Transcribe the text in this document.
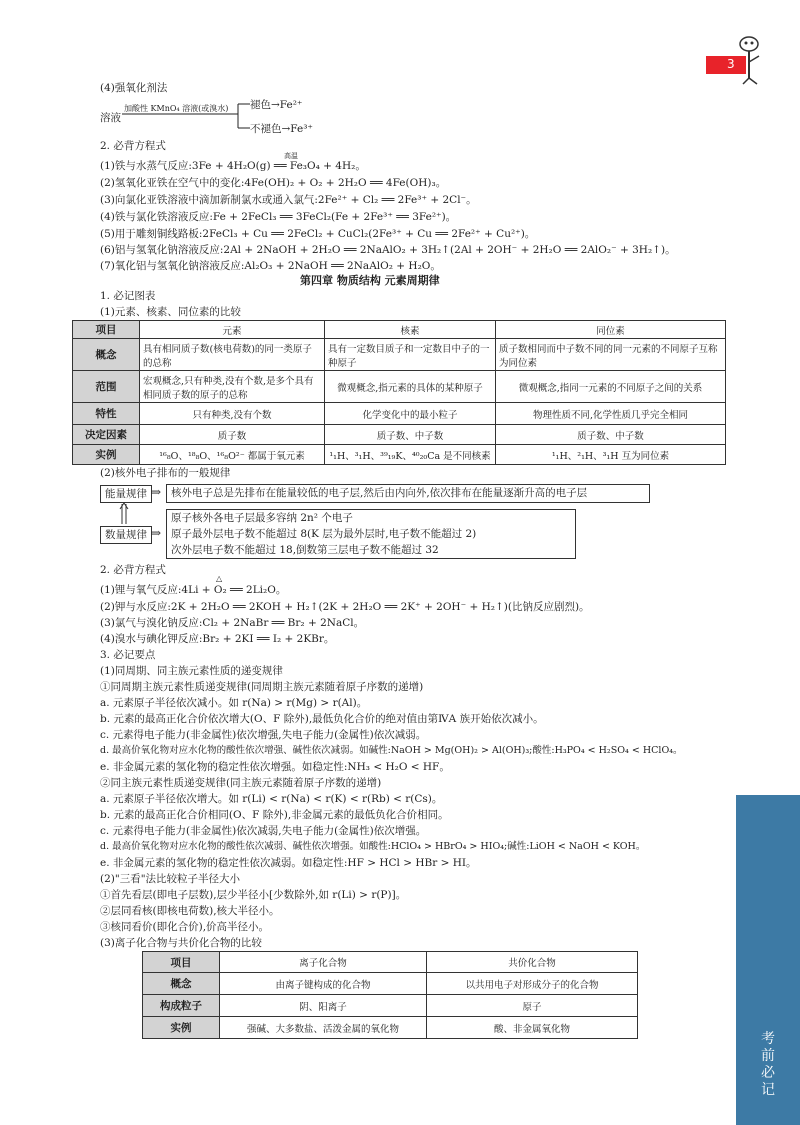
3
考前必记
(4)强氧化剂法
溶液
加酸性 KMnO₄ 溶液(或溴水) 褪色→Fe²⁺
不褪色→Fe³⁺
2. 必背方程式
高温
(1)铁与水蒸气反应:3Fe + 4H₂O(g) ══ Fe₃O₄ + 4H₂。
(2)氢氧化亚铁在空气中的变化:4Fe(OH)₂ + O₂ + 2H₂O ══ 4Fe(OH)₃。
(3)向氯化亚铁溶液中滴加新制氯水或通入氯气:2Fe²⁺ + Cl₂ ══ 2Fe³⁺ + 2Cl⁻。
(4)铁与氯化铁溶液反应:Fe + 2FeCl₃ ══ 3FeCl₂(Fe + 2Fe³⁺ ══ 3Fe²⁺)。
(5)用于雕刻铜线路板:2FeCl₃ + Cu ══ 2FeCl₂ + CuCl₂(2Fe³⁺ + Cu ══ 2Fe²⁺ + Cu²⁺)。
(6)铝与氢氧化钠溶液反应:2Al + 2NaOH + 2H₂O ══ 2NaAlO₂ + 3H₂↑(2Al + 2OH⁻ + 2H₂O ══ 2AlO₂⁻ + 3H₂↑)。
(7)氧化铝与氢氧化钠溶液反应:Al₂O₃ + 2NaOH ══ 2NaAlO₂ + H₂O。
第四章 物质结构 元素周期律
1. 必记图表
(1)元素、核素、同位素的比较
项目	元素	核素	同位素
概念	具有相同质子数(核电荷数)的同一类原子的总称	具有一定数目质子和一定数目中子的一种原子	质子数相同而中子数不同的同一元素的不同原子互称为同位素
范围	宏观概念,只有种类,没有个数,是多个具有相同质子数的原子的总称	微观概念,指元素的具体的某种原子	微观概念,指同一元素的不同原子之间的关系
特性	只有种类,没有个数	化学变化中的最小粒子	物理性质不同,化学性质几乎完全相同
决定因素	质子数	质子数、中子数	质子数、中子数
实例	¹⁶₈O、¹⁸₈O、¹⁶₈O²⁻ 都属于氧元素	¹₁H、³₁H、³⁹₁₉K、⁴⁰₂₀Ca 是不同核素	¹₁H、²₁H、³₁H 互为同位素
(2)核外电子排布的一般规律
能量规律 ⇒ 核外电子总是先排布在能量较低的电子层,然后由内向外,依次排布在能量逐渐升高的电子层
数量规律 ⇒
原子核外各电子层最多容纳 2n² 个电子
原子最外层电子数不能超过 8(K 层为最外层时,电子数不能超过 2)
次外层电子数不能超过 18,倒数第三层电子数不能超过 32
2. 必背方程式
△
(1)锂与氧气反应:4Li + O₂ ══ 2Li₂O。
(2)钾与水反应:2K + 2H₂O ══ 2KOH + H₂↑(2K + 2H₂O ══ 2K⁺ + 2OH⁻ + H₂↑)(比钠反应剧烈)。
(3)氯气与溴化钠反应:Cl₂ + 2NaBr ══ Br₂ + 2NaCl。
(4)溴水与碘化钾反应:Br₂ + 2KI ══ I₂ + 2KBr。
3. 必记要点
(1)同周期、同主族元素性质的递变规律
①同周期主族元素性质递变规律(同周期主族元素随着原子序数的递增)
a. 元素原子半径依次减小。如 r(Na) > r(Mg) > r(Al)。
b. 元素的最高正化合价依次增大(O、F 除外),最低负化合价的绝对值由第ⅣA 族开始依次减小。
c. 元素得电子能力(非金属性)依次增强,失电子能力(金属性)依次减弱。
d. 最高价氧化物对应水化物的酸性依次增强、碱性依次减弱。如碱性:NaOH > Mg(OH)₂ > Al(OH)₃;酸性:H₃PO₄ < H₂SO₄ < HClO₄。
e. 非金属元素的氢化物的稳定性依次增强。如稳定性:NH₃ < H₂O < HF。
②同主族元素性质递变规律(同主族元素随着原子序数的递增)
a. 元素原子半径依次增大。如 r(Li) < r(Na) < r(K) < r(Rb) < r(Cs)。
b. 元素的最高正化合价相同(O、F 除外),非金属元素的最低负化合价相同。
c. 元素得电子能力(非金属性)依次减弱,失电子能力(金属性)依次增强。
d. 最高价氧化物对应水化物的酸性依次减弱、碱性依次增强。如酸性:HClO₄ > HBrO₄ > HIO₄;碱性:LiOH < NaOH < KOH。
e. 非金属元素的氢化物的稳定性依次减弱。如稳定性:HF > HCl > HBr > HI。
(2)"三看"法比较粒子半径大小
①首先看层(即电子层数),层少半径小[少数除外,如 r(Li) > r(P)]。
②层同看核(即核电荷数),核大半径小。
③核同看价(即化合价),价高半径小。
(3)离子化合物与共价化合物的比较
项目	离子化合物	共价化合物
概念	由离子键构成的化合物	以共用电子对形成分子的化合物
构成粒子	阴、阳离子	原子
实例	强碱、大多数盐、活泼金属的氧化物	酸、非金属氧化物
